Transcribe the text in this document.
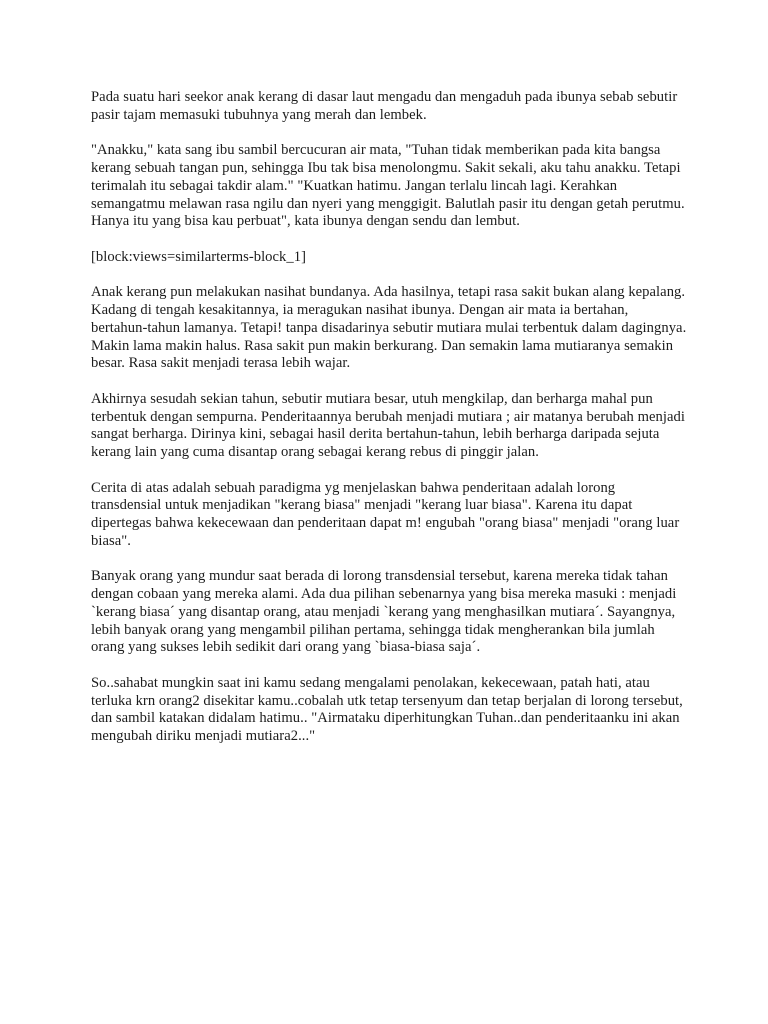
Pada suatu hari seekor anak kerang di dasar laut mengadu dan mengaduh pada ibunya sebab sebutir pasir tajam memasuki tubuhnya yang merah dan lembek.

"Anakku," kata sang ibu sambil bercucuran air mata, "Tuhan tidak memberikan pada kita bangsa kerang sebuah tangan pun, sehingga Ibu tak bisa menolongmu. Sakit sekali, aku tahu anakku. Tetapi terimalah itu sebagai takdir alam." "Kuatkan hatimu. Jangan terlalu lincah lagi. Kerahkan semangatmu melawan rasa ngilu dan nyeri yang menggigit. Balutlah pasir itu dengan getah perutmu. Hanya itu yang bisa kau perbuat", kata ibunya dengan sendu dan lembut.

[block:views=similarterms-block_1]

Anak kerang pun melakukan nasihat bundanya. Ada hasilnya, tetapi rasa sakit bukan alang kepalang. Kadang di tengah kesakitannya, ia meragukan nasihat ibunya. Dengan air mata ia bertahan, bertahun-tahun lamanya. Tetapi! tanpa disadarinya sebutir mutiara mulai terbentuk dalam dagingnya. Makin lama makin halus. Rasa sakit pun makin berkurang. Dan semakin lama mutiaranya semakin besar. Rasa sakit menjadi terasa lebih wajar.

Akhirnya sesudah sekian tahun, sebutir mutiara besar, utuh mengkilap, dan berharga mahal pun terbentuk dengan sempurna. Penderitaannya berubah menjadi mutiara ; air matanya berubah menjadi sangat berharga. Dirinya kini, sebagai hasil derita bertahun-tahun, lebih berharga daripada sejuta kerang lain yang cuma disantap orang sebagai kerang rebus di pinggir jalan.

Cerita di atas adalah sebuah paradigma yg menjelaskan bahwa penderitaan adalah lorong transdensial untuk menjadikan "kerang biasa" menjadi "kerang luar biasa". Karena itu dapat dipertegas bahwa kekecewaan dan penderitaan dapat m! engubah "orang biasa" menjadi "orang luar biasa".

Banyak orang yang mundur saat berada di lorong transdensial tersebut, karena mereka tidak tahan dengan cobaan yang mereka alami. Ada dua pilihan sebenarnya yang bisa mereka masuki : menjadi `kerang biasa´ yang disantap orang, atau menjadi `kerang yang menghasilkan mutiara´. Sayangnya, lebih banyak orang yang mengambil pilihan pertama, sehingga tidak mengherankan bila jumlah orang yang sukses lebih sedikit dari orang yang `biasa-biasa saja´.

So..sahabat mungkin saat ini kamu sedang mengalami penolakan, kekecewaan, patah hati, atau terluka krn orang2 disekitar kamu..cobalah utk tetap tersenyum dan tetap berjalan di lorong tersebut, dan sambil katakan didalam hatimu.. "Airmataku diperhitungkan Tuhan..dan penderitaanku ini akan mengubah diriku menjadi mutiara2..."
